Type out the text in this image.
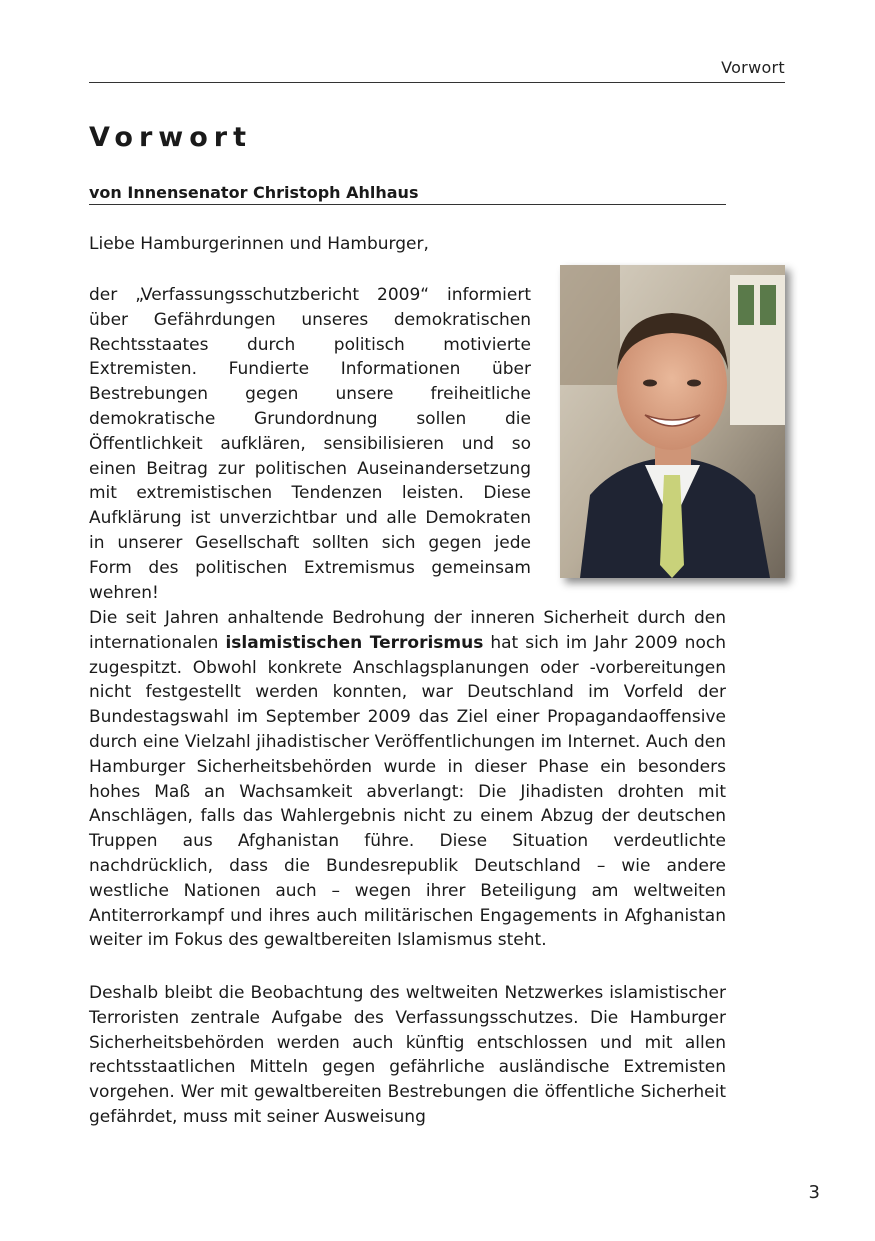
Vorwort
Vorwort

von Innensenator Christoph Ahlhaus

Liebe Hamburgerinnen und Hamburger,

der „Verfassungsschutzbericht 2009“ informiert über Gefährdungen unseres demokratischen Rechtsstaates durch politisch motivierte Extremisten. Fundierte Informationen über Bestrebungen gegen unsere freiheitliche demokratische Grundordnung sollen die Öffentlichkeit aufklären, sensibilisieren und so einen Beitrag zur politischen Auseinandersetzung mit extremistischen Tendenzen leisten. Diese Aufklärung ist unverzichtbar und alle Demokraten in unserer Gesellschaft sollten sich gegen jede Form des politischen Extremismus gemeinsam wehren!

Die seit Jahren anhaltende Bedrohung der inneren Sicherheit durch den internationalen islamistischen Terrorismus hat sich im Jahr 2009 noch zugespitzt. Obwohl konkrete Anschlagsplanungen oder -vorbereitungen nicht festgestellt werden konnten, war Deutschland im Vorfeld der Bundestagswahl im September 2009 das Ziel einer Propagandaoffensive durch eine Vielzahl jihadistischer Veröffentlichungen im Internet. Auch den Hamburger Sicherheitsbehörden wurde in dieser Phase ein besonders hohes Maß an Wachsamkeit abverlangt: Die Jihadisten drohten mit Anschlägen, falls das Wahlergebnis nicht zu einem Abzug der deutschen Truppen aus Afghanistan führe. Diese Situation verdeutlichte nachdrücklich, dass die Bundesrepublik Deutschland – wie andere westliche Nationen auch – wegen ihrer Beteiligung am weltweiten Antiterrorkampf und ihres auch militärischen Engagements in Afghanistan weiter im Fokus des gewaltbereiten Islamismus steht.

Deshalb bleibt die Beobachtung des weltweiten Netzwerkes islamistischer Terroristen zentrale Aufgabe des Verfassungsschutzes. Die Hamburger Sicherheitsbehörden werden auch künftig entschlossen und mit allen rechtsstaatlichen Mitteln gegen gefährliche ausländische Extremisten vorgehen. Wer mit gewaltbereiten Bestrebungen die öffentliche Sicherheit gefährdet, muss mit seiner Ausweisung

3
